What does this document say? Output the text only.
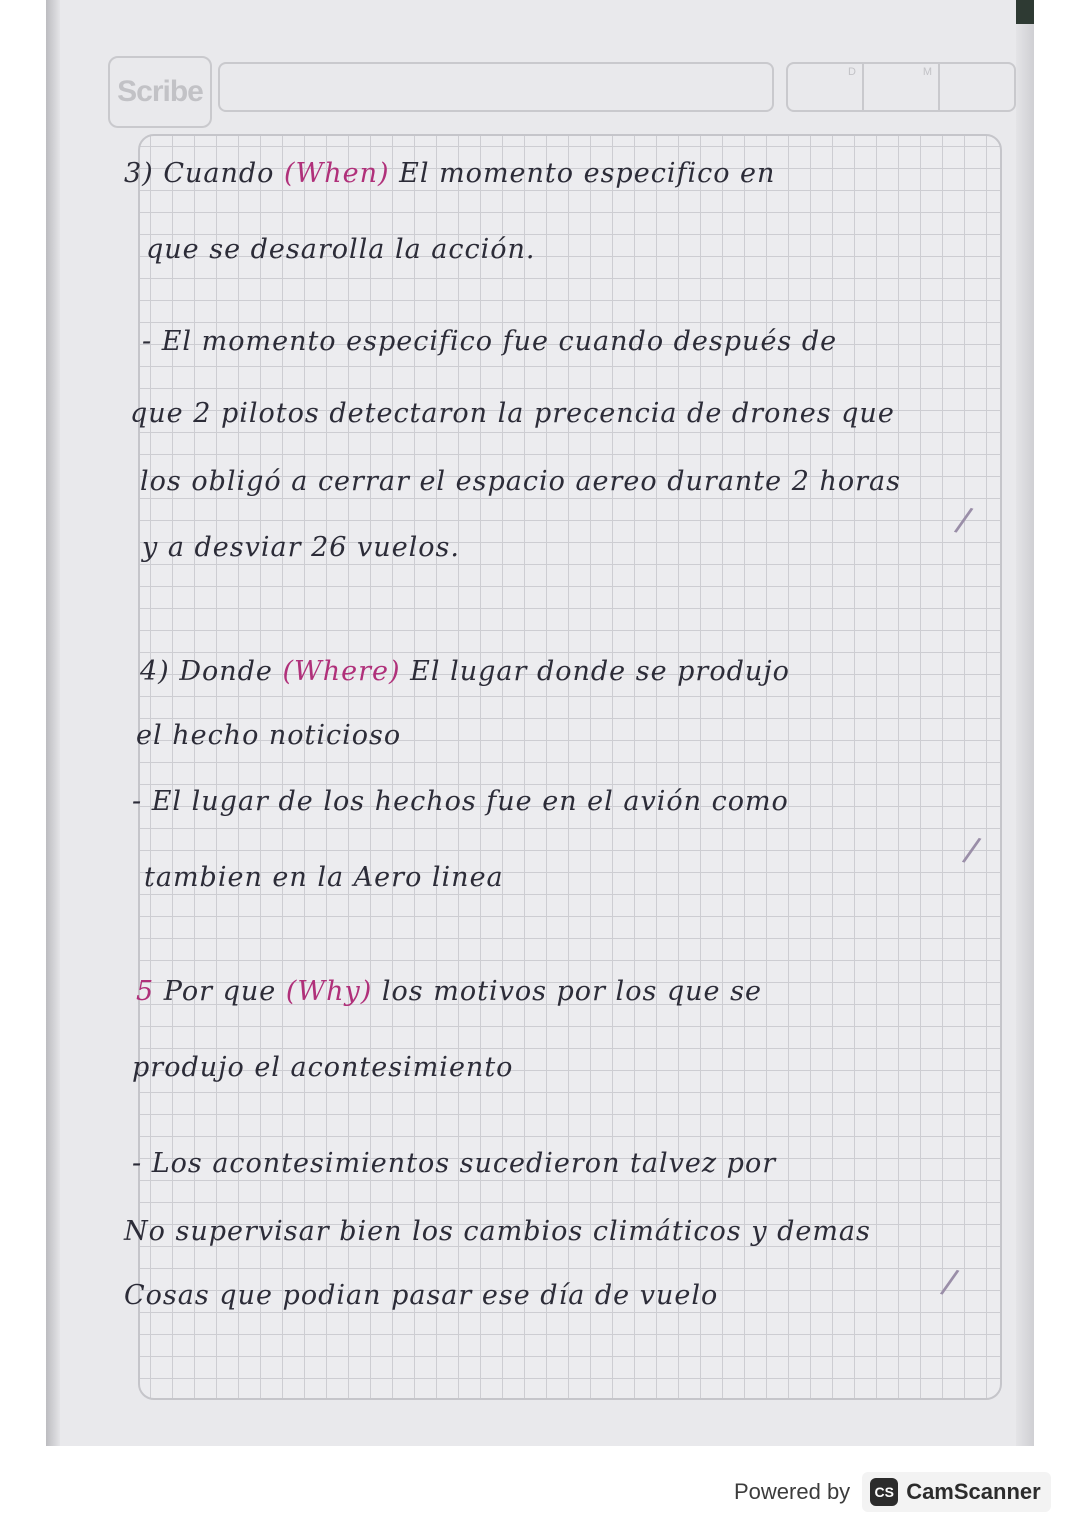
Scribe
D	M
3) Cuando (When) El momento especifico en
que se desarolla la acción.
- El momento especifico fue cuando después de
que 2 pilotos detectaron la precencia de drones que
los obligó a cerrar el espacio aereo durante 2 horas
y a desviar 26 vuelos.
4) Donde (Where) El lugar donde se produjo
el hecho noticioso
- El lugar de los hechos fue en el avión como
tambien en la Aero linea
5 Por que (Why) los motivos por los que se
produjo el acontesimiento
- Los acontesimientos sucedieron talvez por
No supervisar bien los cambios climáticos y demas
Cosas que podian pasar ese día de vuelo
/
/
/
Powered by	CS CamScanner
